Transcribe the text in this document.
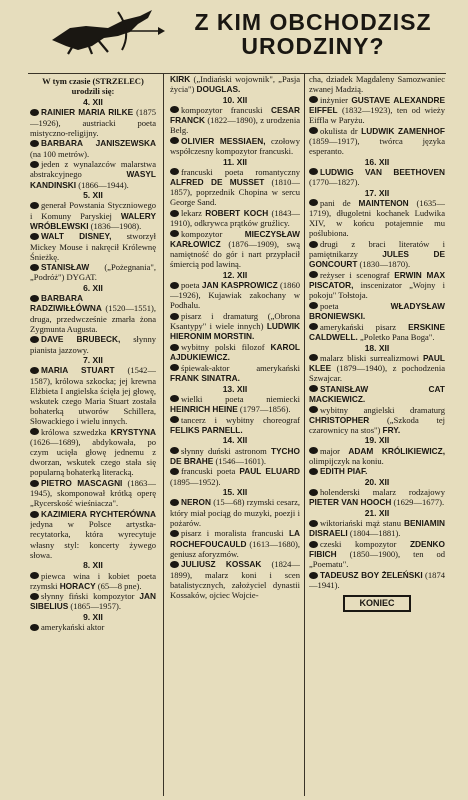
Z KIM OBCHODZISZ
URODZINY?
W tym czasie (STRZELEC) urodzili się:
4. XII

RAINIER MARIA RILKE (1875—1926), austriacki poeta mistyczno-religijny.

BARBARA JANISZEWSKA (na 100 metrów).

jeden z wynalazców malarstwa abstrakcyjnego WASYL KANDINSKI (1866—1944).

5. XII

generał Powstania Styczniowego i Komuny Paryskiej WALERY WRÓBLEWSKI (1836—1908).

WALT DISNEY, stworzył Mickey Mouse i nakręcił Królewnę Śnieżkę.

STANISŁAW („Pożegnania", „Podróż") DYGAT.

6. XII

BARBARA RADZIWIŁŁÓWNA (1520—1551), druga, przedwcześnie zmarła żona Zygmunta Augusta.

DAVE BRUBECK, słynny pianista jazzowy.

7. XII

MARIA STUART (1542—1587), królowa szkocka; jej krewna Elżbieta I angielska ścięła jej głowę, wskutek czego Maria Stuart została bohaterką utworów Schillera, Słowackiego i wielu innych.

królowa szwedzka KRYSTYNA (1626—1689), abdykowała, po czym ucięła głowę jednemu z dworzan, wskutek czego stała się popularną bohaterką literacką.

PIETRO MASCAGNI (1863—1945), skomponował krótką operę „Rycerskość wieśniacza".

KAZIMIERA RYCHTERÓWNA jedyna w Polsce artystka-recytatorka, która wyrecytuje własny styl: koncerty żywego słowa.

8. XII

piewca wina i kobiet poeta rzymski HORACY (65—8 pne).

słynny fiński kompozytor JAN SIBELIUS (1865—1957).

9. XII

amerykański aktor

KIRK („Indiański wojownik", „Pasja życia") DOUGLAS.

10. XII

kompozytor francuski CESAR FRANCK (1822—1890), z urodzenia Belg.

OLIVIER MESSIAEN, czołowy współczesny kompozytor francuski.

11. XII

francuski poeta romantyczny ALFRED DE MUSSET (1810—1857), poprzednik Chopina w sercu George Sand.

lekarz ROBERT KOCH (1843—1910), odkrywca prątków gruźlicy.

kompozytor MIECZYSŁAW KARŁOWICZ (1876—1909), swą namiętność do gór i nart przypłacił śmiercią pod lawiną.

12. XII

poeta JAN KASPROWICZ (1860—1926), Kujawiak zakochany w Podhalu.

pisarz i dramaturg („Obrona Ksantypy" i wiele innych) LUDWIK HIERONIM MORSTIN.

wybitny polski filozof KAROL AJDUKIEWICZ.

śpiewak-aktor amerykański FRANK SINATRA.

13. XII

wielki poeta niemiecki HEINRICH HEINE (1797—1856).

tancerz i wybitny choreograf FELIKS PARNELL.

14. XII

słynny duński astronom TYCHO DE BRAHE (1546—1601).

francuski poeta PAUL ELUARD (1895—1952).

15. XII

NERON (15—68) rzymski cesarz, który miał pociąg do muzyki, poezji i pożarów.

pisarz i moralista francuski LA ROCHEFOUCAULD (1613—1680), geniusz aforyzmów.

JULIUSZ KOSSAK (1824—1899), malarz koni i scen batalistycznych, założyciel dynastii Kossaków, ojciec Wojcie-

cha, dziadek Magdaleny Samozwaniec zwanej Madzią.

inżynier GUSTAVE ALEXANDRE EIFFEL (1832—1923), ten od wieży Eiffla w Paryżu.

okulista dr LUDWIK ZAMENHOF (1859—1917), twórca języka esperanto.

16. XII

LUDWIG VAN BEETHOVEN (1770—1827).

17. XII

pani de MAINTENON (1635—1719), długoletni kochanek Ludwika XIV, w końcu potajemnie mu poślubiona.

drugi z braci literatów i pamiętnikarzy JULES DE GONCOURT (1830—1870).

reżyser i scenograf ERWIN MAX PISCATOR, inscenizator „Wojny i pokoju" Tołstoja.

poeta WŁADYSŁAW BRONIEWSKI.

amerykański pisarz ERSKINE CALDWELL. „Poletko Pana Boga".

18. XII

malarz bliski surrealizmowi PAUL KLEE (1879—1940), z pochodzenia Szwajcar.

STANISŁAW CAT MACKIEWICZ.

wybitny angielski dramaturg CHRISTOPHER („Szkoda tej czarownicy na stos") FRY.

19. XII

major ADAM KRÓLIKIEWICZ, olimpijczyk na koniu.

EDITH PIAF.

20. XII

holenderski malarz rodzajowy PIETER VAN HOOCH (1629—1677).

21. XII

wiktoriański mąż stanu BENIAMIN DISRAELI (1804—1881).

czeski kompozytor ZDENKO FIBICH (1850—1900), ten od „Poematu".

TADEUSZ BOY ŻELEŃSKI (1874—1941).

KONIEC
